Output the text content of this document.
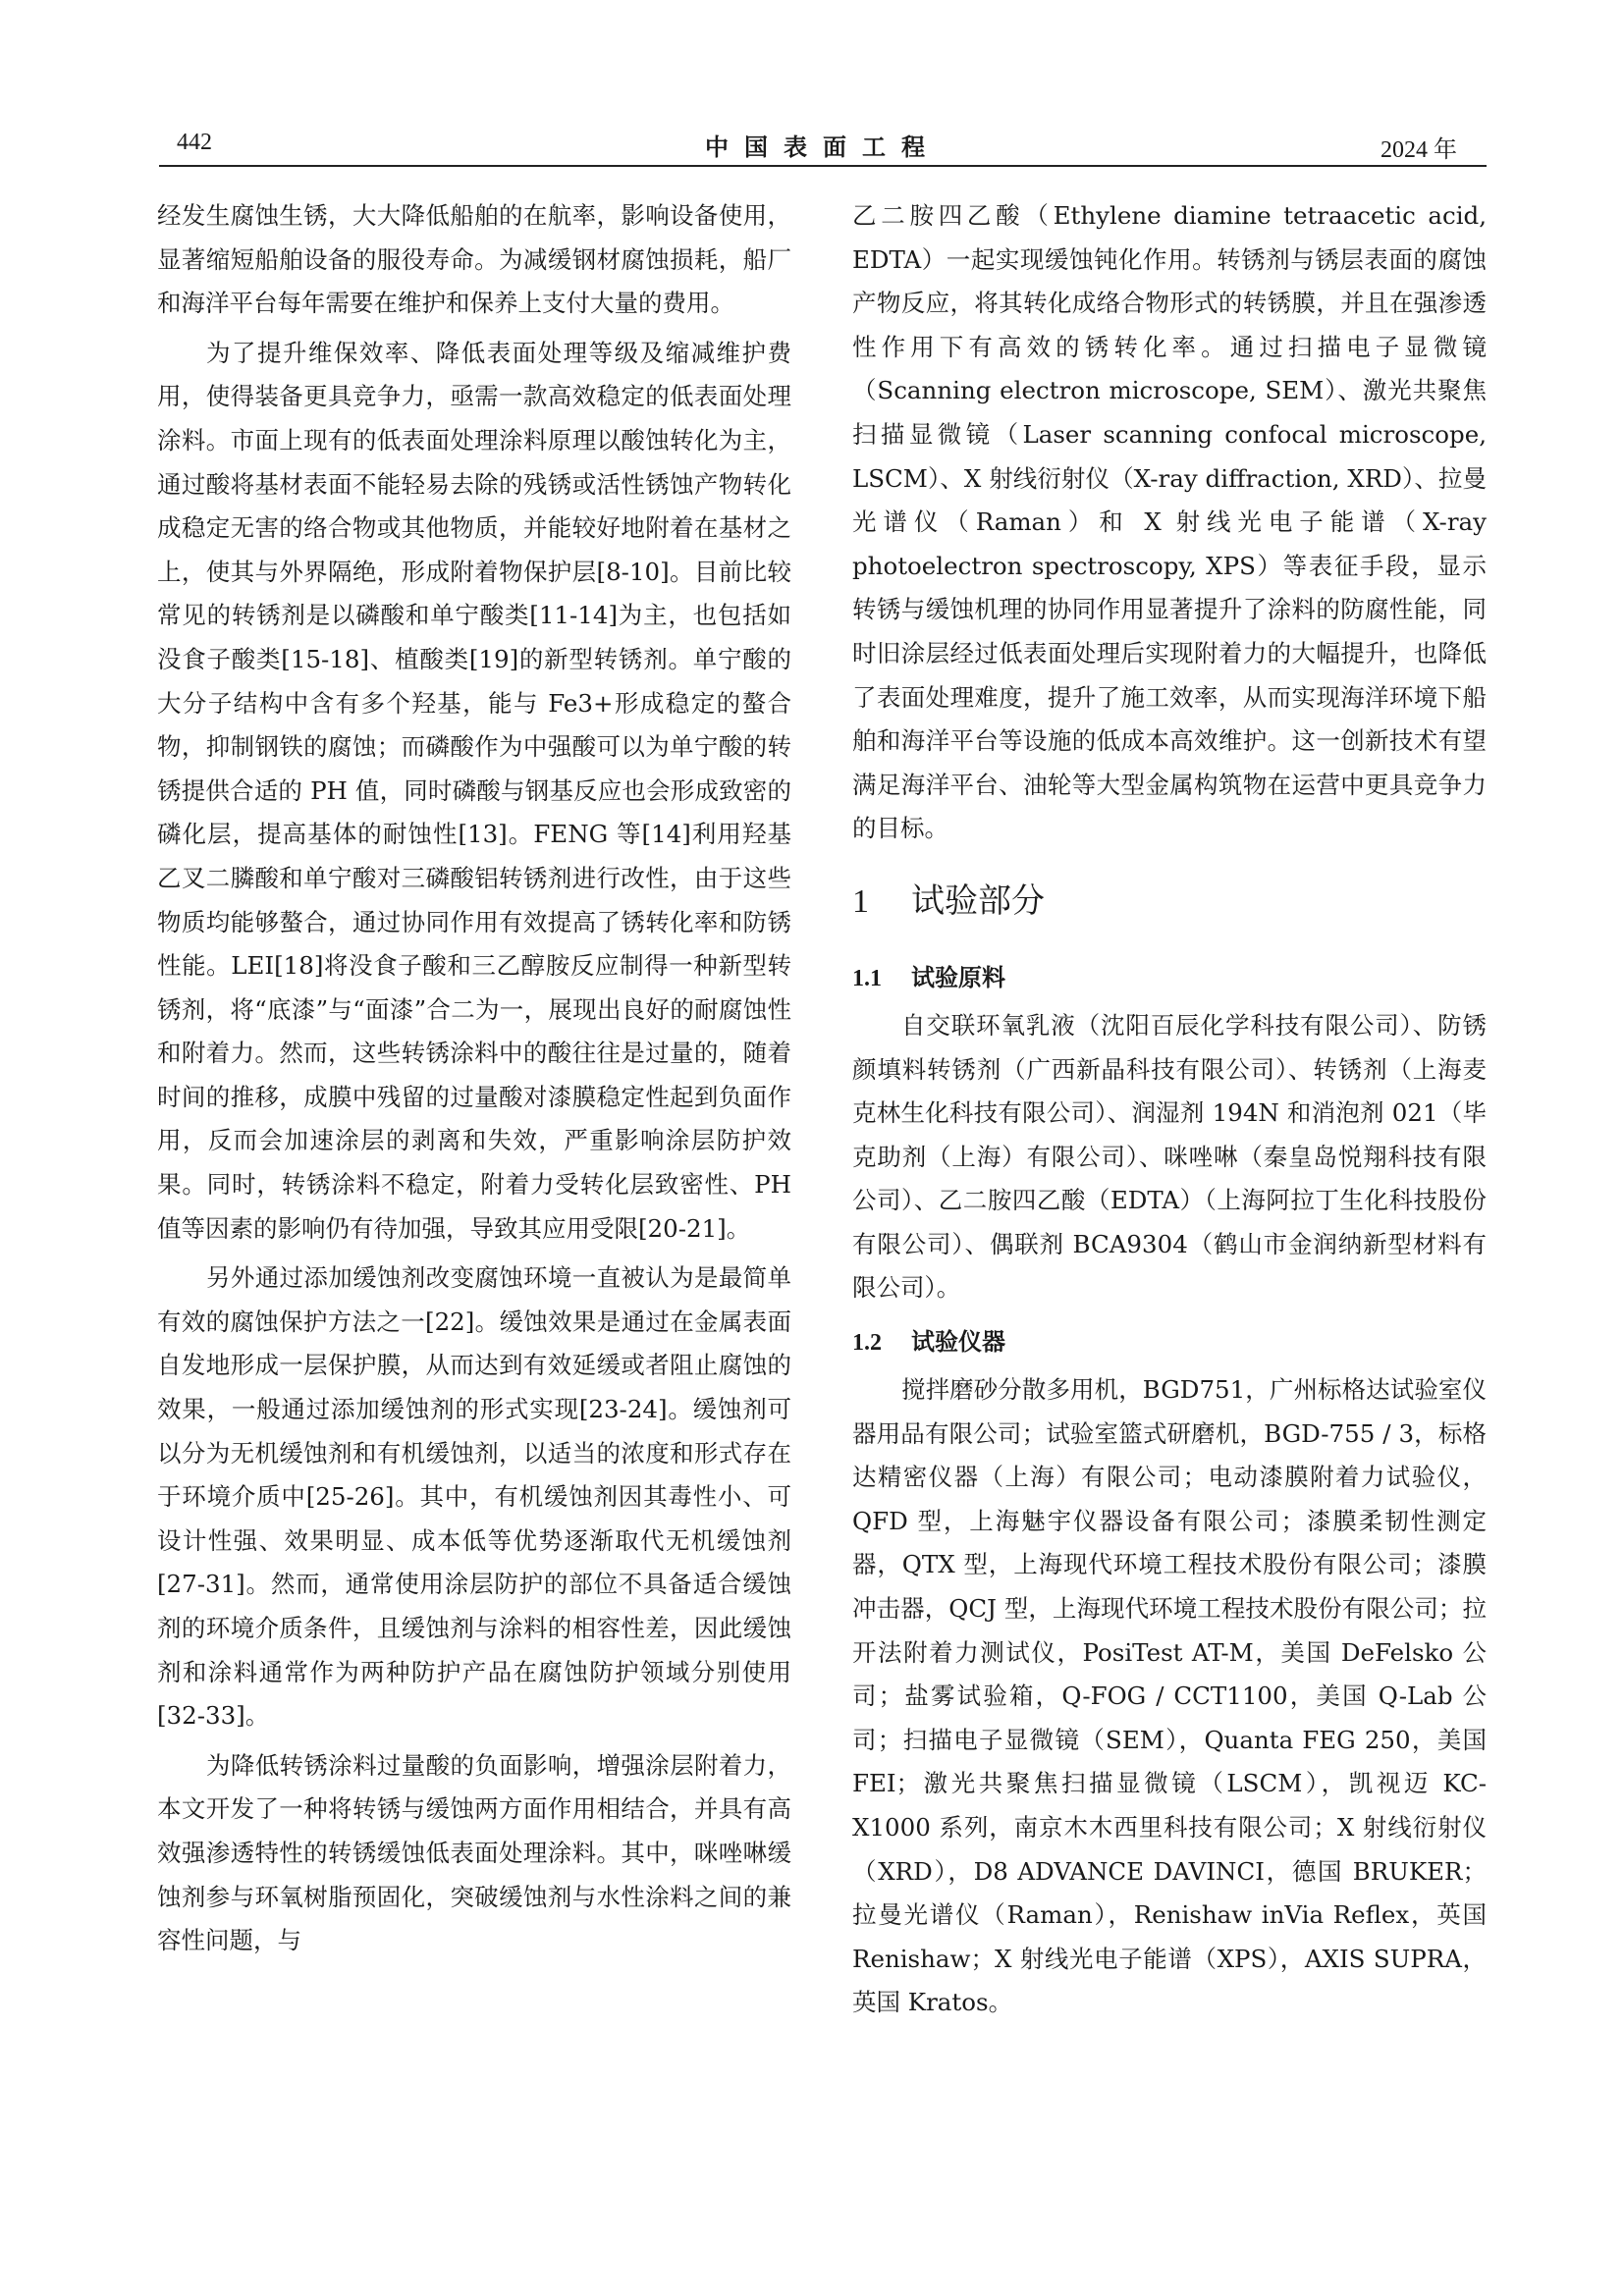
442	中国表面工程	2024 年

经发生腐蚀生锈，大大降低船舶的在航率，影响设备使用，显著缩短船舶设备的服役寿命。为减缓钢材腐蚀损耗，船厂和海洋平台每年需要在维护和保养上支付大量的费用。

为了提升维保效率、降低表面处理等级及缩减维护费用，使得装备更具竞争力，亟需一款高效稳定的低表面处理涂料。市面上现有的低表面处理涂料原理以酸蚀转化为主，通过酸将基材表面不能轻易去除的残锈或活性锈蚀产物转化成稳定无害的络合物或其他物质，并能较好地附着在基材之上，使其与外界隔绝，形成附着物保护层[8-10]。目前比较常见的转锈剂是以磷酸和单宁酸类[11-14]为主，也包括如没食子酸类[15-18]、植酸类[19]的新型转锈剂。单宁酸的大分子结构中含有多个羟基，能与 Fe3+形成稳定的螯合物，抑制钢铁的腐蚀；而磷酸作为中强酸可以为单宁酸的转锈提供合适的 PH 值，同时磷酸与钢基反应也会形成致密的磷化层，提高基体的耐蚀性[13]。FENG 等[14]利用羟基乙叉二膦酸和单宁酸对三磷酸铝转锈剂进行改性，由于这些物质均能够螯合，通过协同作用有效提高了锈转化率和防锈性能。LEI[18]将没食子酸和三乙醇胺反应制得一种新型转锈剂，将“底漆”与“面漆”合二为一，展现出良好的耐腐蚀性和附着力。然而，这些转锈涂料中的酸往往是过量的，随着时间的推移，成膜中残留的过量酸对漆膜稳定性起到负面作用，反而会加速涂层的剥离和失效，严重影响涂层防护效果。同时，转锈涂料不稳定，附着力受转化层致密性、PH 值等因素的影响仍有待加强，导致其应用受限[20-21]。

另外通过添加缓蚀剂改变腐蚀环境一直被认为是最简单有效的腐蚀保护方法之一[22]。缓蚀效果是通过在金属表面自发地形成一层保护膜，从而达到有效延缓或者阻止腐蚀的效果，一般通过添加缓蚀剂的形式实现[23-24]。缓蚀剂可以分为无机缓蚀剂和有机缓蚀剂，以适当的浓度和形式存在于环境介质中[25-26]。其中，有机缓蚀剂因其毒性小、可设计性强、效果明显、成本低等优势逐渐取代无机缓蚀剂[27-31]。然而，通常使用涂层防护的部位不具备适合缓蚀剂的环境介质条件，且缓蚀剂与涂料的相容性差，因此缓蚀剂和涂料通常作为两种防护产品在腐蚀防护领域分别使用[32-33]。

为降低转锈涂料过量酸的负面影响，增强涂层附着力，本文开发了一种将转锈与缓蚀两方面作用相结合，并具有高效强渗透特性的转锈缓蚀低表面处理涂料。其中，咪唑啉缓蚀剂参与环氧树脂预固化，突破缓蚀剂与水性涂料之间的兼容性问题，与

乙二胺四乙酸（Ethylene diamine tetraacetic acid, EDTA）一起实现缓蚀钝化作用。转锈剂与锈层表面的腐蚀产物反应，将其转化成络合物形式的转锈膜，并且在强渗透性作用下有高效的锈转化率。通过扫描电子显微镜（Scanning electron microscope, SEM）、激光共聚焦扫描显微镜（Laser scanning confocal microscope, LSCM）、X 射线衍射仪（X-ray diffraction, XRD）、拉曼光谱仪（Raman）和 X 射线光电子能谱（X-ray photoelectron spectroscopy, XPS）等表征手段，显示转锈与缓蚀机理的协同作用显著提升了涂料的防腐性能，同时旧涂层经过低表面处理后实现附着力的大幅提升，也降低了表面处理难度，提升了施工效率，从而实现海洋环境下船舶和海洋平台等设施的低成本高效维护。这一创新技术有望满足海洋平台、油轮等大型金属构筑物在运营中更具竞争力的目标。

1 试验部分
1.1 试验原料

自交联环氧乳液（沈阳百辰化学科技有限公司）、防锈颜填料转锈剂（广西新晶科技有限公司）、转锈剂（上海麦克林生化科技有限公司）、润湿剂 194N 和消泡剂 021（毕克助剂（上海）有限公司）、咪唑啉（秦皇岛悦翔科技有限公司）、乙二胺四乙酸（EDTA）（上海阿拉丁生化科技股份有限公司）、偶联剂 BCA9304（鹤山市金润纳新型材料有限公司）。

1.2 试验仪器

搅拌磨砂分散多用机，BGD751，广州标格达试验室仪器用品有限公司；试验室篮式研磨机，BGD-755 / 3，标格达精密仪器（上海）有限公司；电动漆膜附着力试验仪，QFD 型，上海魅宇仪器设备有限公司；漆膜柔韧性测定器，QTX 型，上海现代环境工程技术股份有限公司；漆膜冲击器，QCJ 型，上海现代环境工程技术股份有限公司；拉开法附着力测试仪，PosiTest AT-M，美国 DeFelsko 公司；盐雾试验箱，Q-FOG / CCT1100，美国 Q-Lab 公司；扫描电子显微镜（SEM），Quanta FEG 250，美国 FEI；激光共聚焦扫描显微镜（LSCM），凯视迈 KC-X1000 系列，南京木木西里科技有限公司；X 射线衍射仪（XRD），D8 ADVANCE DAVINCI，德国 BRUKER；拉曼光谱仪（Raman），Renishaw inVia Reflex，英国 Renishaw；X 射线光电子能谱（XPS），AXIS SUPRA，英国 Kratos。
